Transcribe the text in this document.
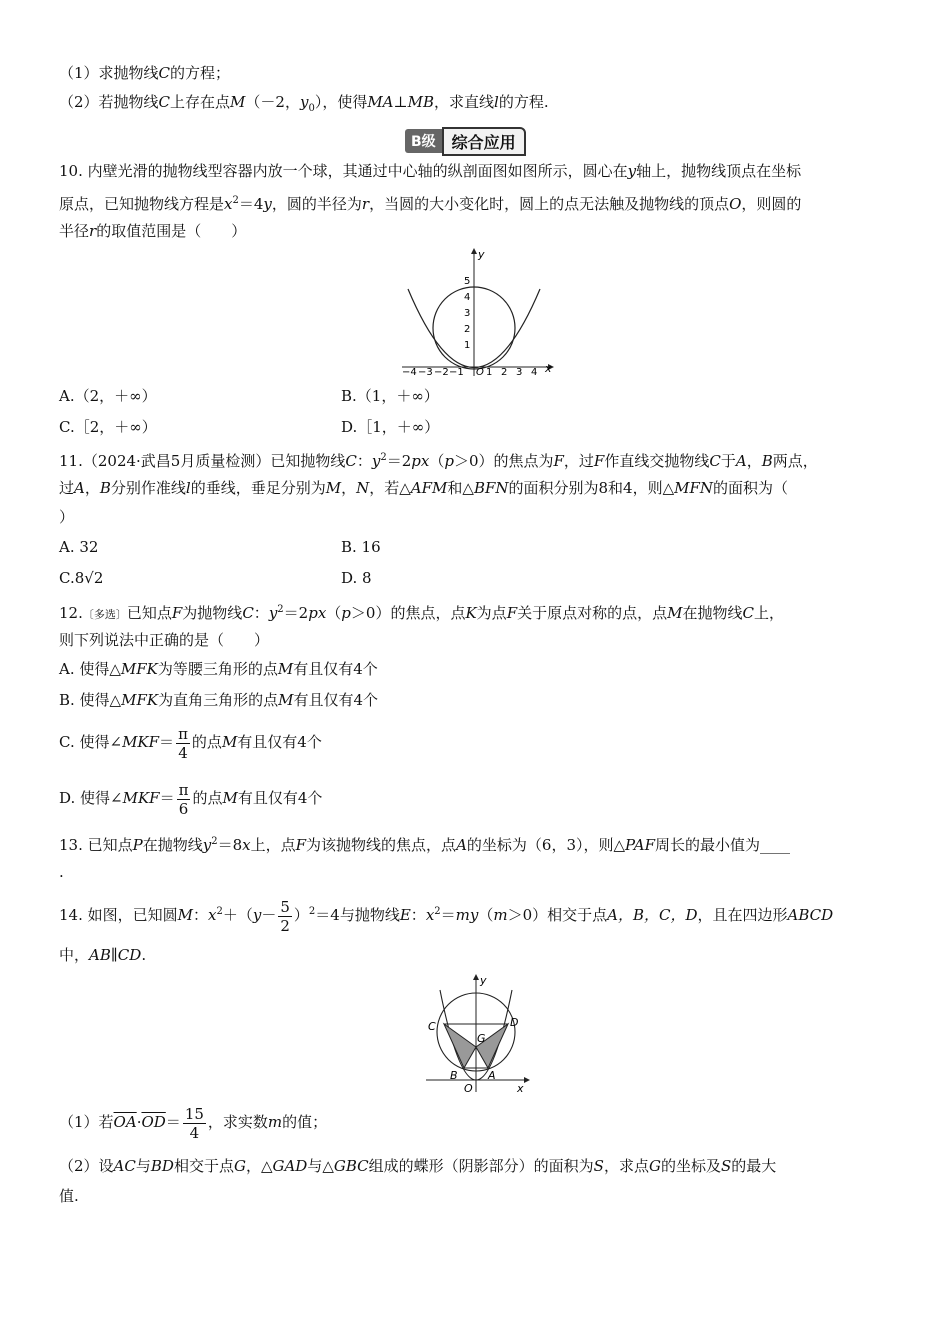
（1）求抛物线C的方程；
（2）若抛物线C上存在点M（－2，$y_0$），使得MA⊥MB，求直线l的方程.
B级	综合应用
10. 内壁光滑的抛物线型容器内放一个球，其通过中心轴的纵剖面图如图所示，圆心在y轴上，抛物线顶点在坐标
原点，已知抛物线方程是$x^2=4y$，圆的半径为r，当圆的大小变化时，圆上的点无法触及抛物线的顶点O，则圆的
半径r的取值范围是（　　）
y
x
5
4
3
2
1
−4 −3 −2 −1 O 1 2 3 4
A.（2，＋∞）	B.（1，＋∞）
C.［2，＋∞）	D.［1，＋∞）
11.（2024·武昌5月质量检测）已知抛物线C：$y^2=2px(p>0)$的焦点为F，过F作直线交抛物线C于A，B两点，
过A，B分别作准线l的垂线，垂足分别为M，N，若△AFM和△BFN的面积分别为8和4，则△MFN的面积为（
）
A. 32	B. 16
C.8√2	D. 8
12.〔多选〕已知点F为抛物线C：$y^2=2px(p>0)$的焦点，点K为点F关于原点对称的点，点M在抛物线C上，
则下列说法中正确的是（　　）
A. 使得△MFK为等腰三角形的点M有且仅有4个
B. 使得△MFK为直角三角形的点M有且仅有4个
C. 使得∠MKF＝ $\frac{\pi}{4}$ 的点M有且仅有4个
D. 使得∠MKF＝ $\frac{\pi}{6}$ 的点M有且仅有4个
13. 已知点P在抛物线$y^2=8x$上，点F为该抛物线的焦点，点A的坐标为（6，3），则△PAF周长的最小值为____
.
14. 如图，已知圆M：$x^2+(y- \frac{5}{2} )^2=4$与抛物线E：$x^2=my(m>0)$相交于点A，B，C，D，且在四边形ABCD
中，AB∥CD.
y
x
O
C	D
B	A
G
（1）若$\overline{OA}\cdot\overline{OD}= \frac{15}{4}$ ，求实数m的值；
（2）设AC与BD相交于点G，△GAD与△GBC组成的蝶形（阴影部分）的面积为S，求点G的坐标及S的最大
值.
